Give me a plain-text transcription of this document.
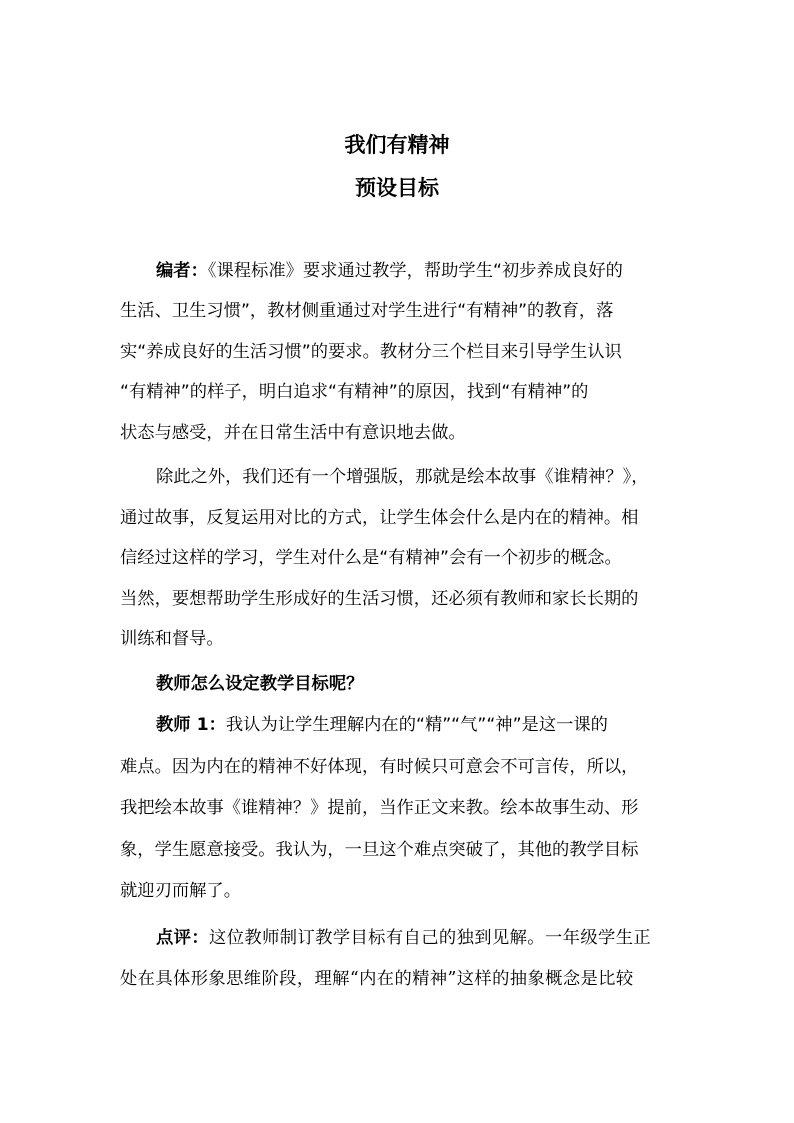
我们有精神
预设目标
编者：《课程标准》要求通过教学，帮助学生“初步养成良好的
生活、卫生习惯”，教材侧重通过对学生进行“有精神”的教育，落
实“养成良好的生活习惯”的要求。教材分三个栏目来引导学生认识
“有精神”的样子，明白追求“有精神”的原因，找到“有精神”的
状态与感受，并在日常生活中有意识地去做。
除此之外，我们还有一个增强版，那就是绘本故事《谁精神？》，
通过故事，反复运用对比的方式，让学生体会什么是内在的精神。相
信经过这样的学习，学生对什么是“有精神”会有一个初步的概念。
当然，要想帮助学生形成好的生活习惯，还必须有教师和家长长期的
训练和督导。
教师怎么设定教学目标呢？
教师 1：我认为让学生理解内在的“精”“气”“神”是这一课的
难点。因为内在的精神不好体现，有时候只可意会不可言传，所以，
我把绘本故事《谁精神？》提前，当作正文来教。绘本故事生动、形
象，学生愿意接受。我认为，一旦这个难点突破了，其他的教学目标
就迎刃而解了。
点评：这位教师制订教学目标有自己的独到见解。一年级学生正
处在具体形象思维阶段，理解“内在的精神”这样的抽象概念是比较
